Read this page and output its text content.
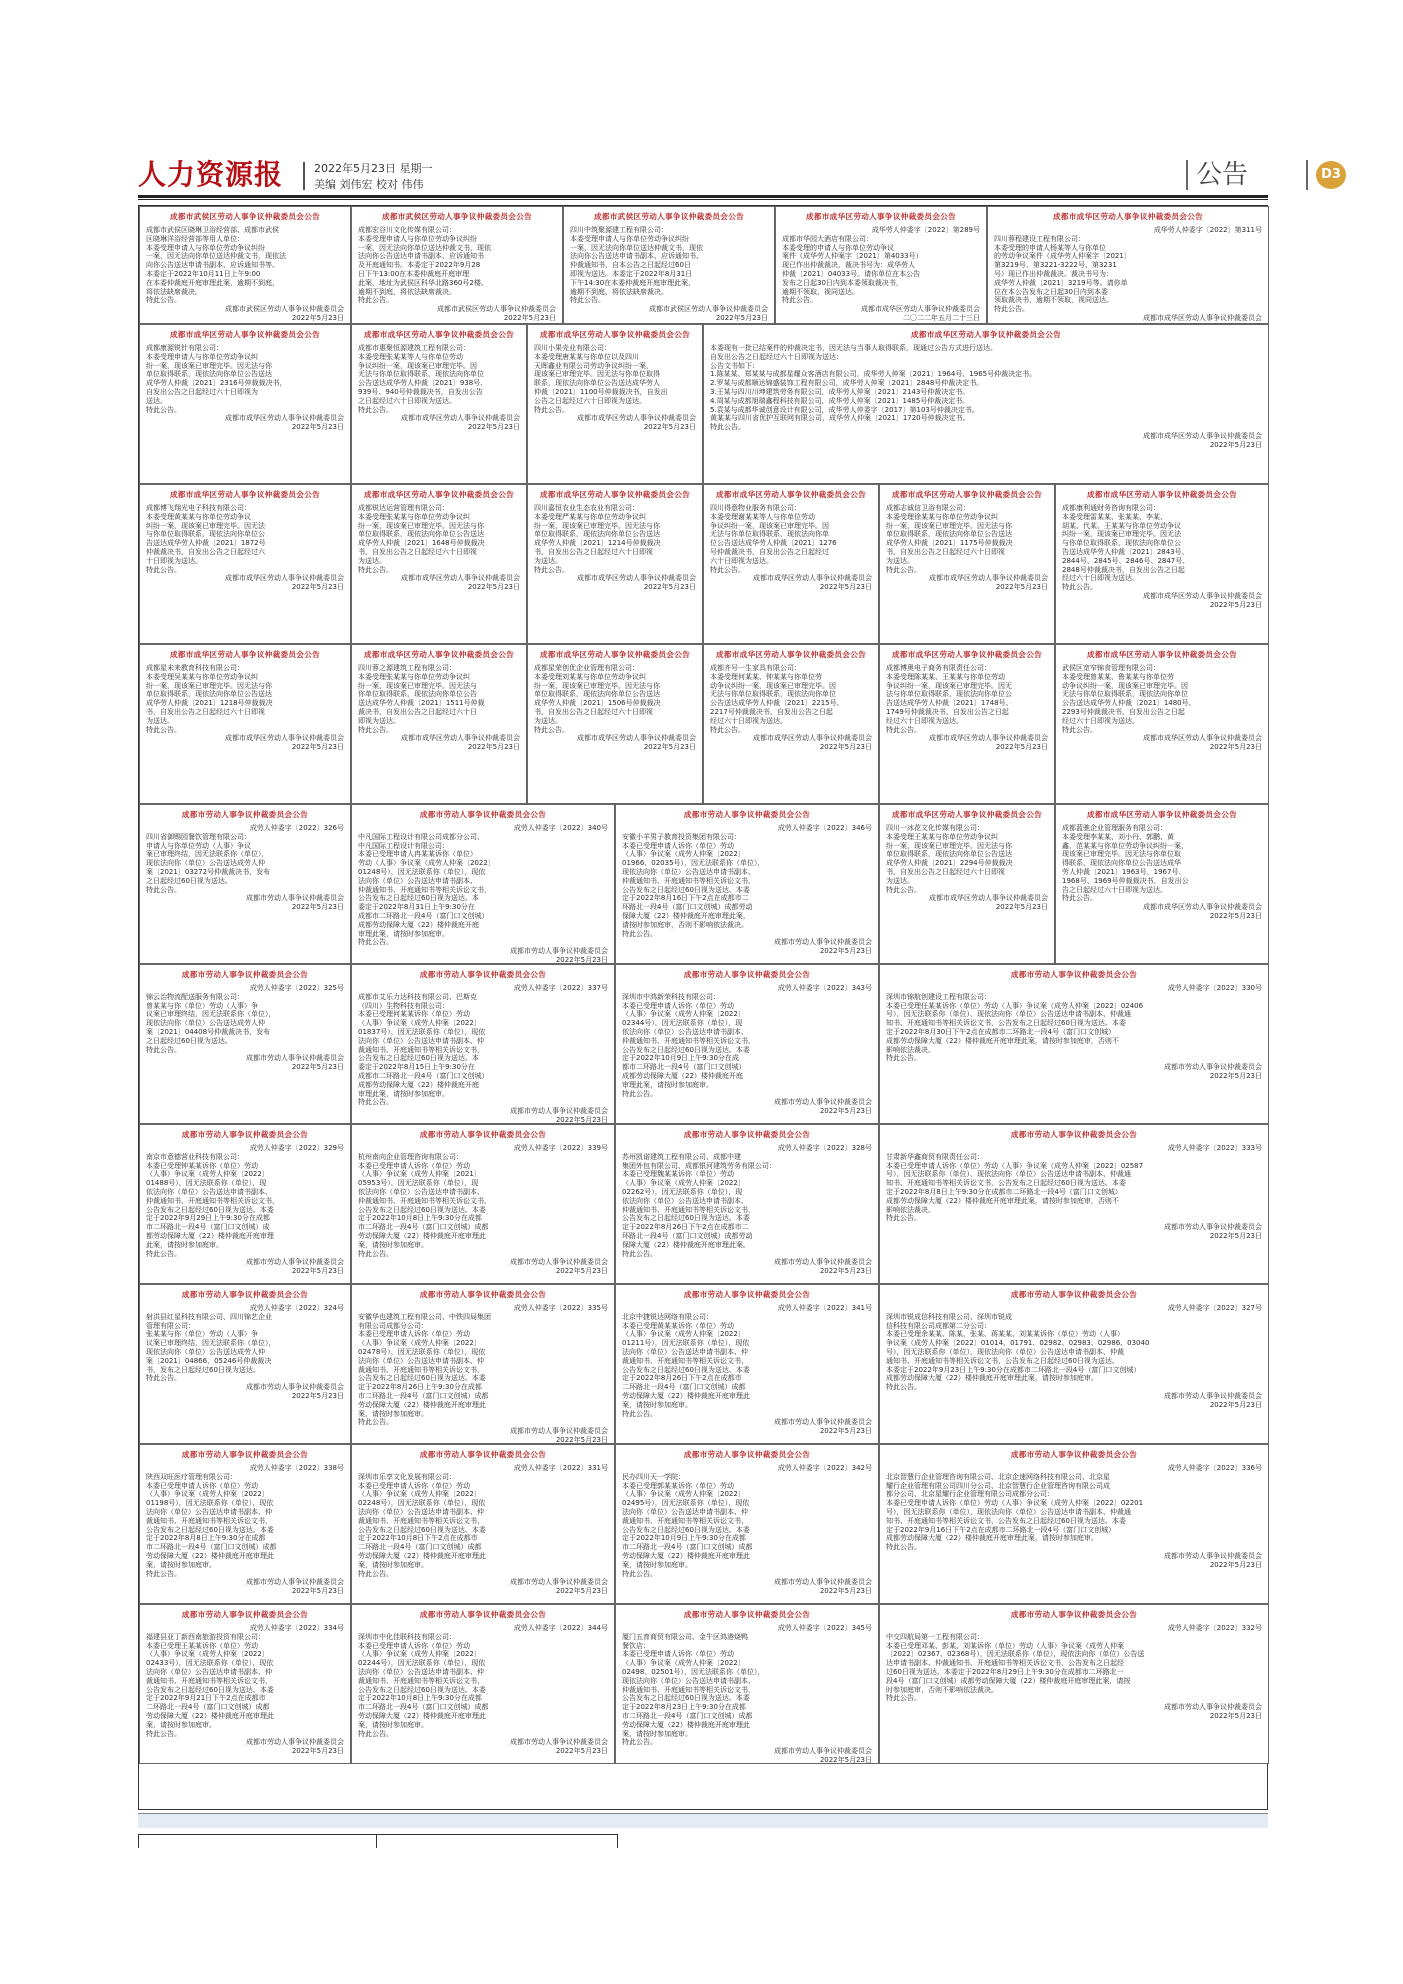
人力资源报	2022年5月23日 星期一
美编 刘伟宏 校对 伟伟	公告	D3
成都市武侯区劳动人事争议仲裁委员会公告
成都市武侯区晓琳卫浴经营部、成都市武侯
区晓琳洋浴经营部等用人单位：
本委受理申请人与你单位劳动争议纠纷
一案，因无法向你单位送达仲裁文书，现依法
向你公告送达申请书副本、应诉通知书等。
本委定于2022年10月11日上午9:00
在本委仲裁庭开庭审理此案，逾期不到庭，
将依法缺席裁决。
特此公告。
成都市武侯区劳动人事争议仲裁委员会
2022年5月23日
成都市武侯区劳动人事争议仲裁委员会公告
成都宏谷川文化传媒有限公司：
本委受理申请人与你单位劳动争议纠纷
一案，因无法向你单位送达仲裁文书，现依
法向你公告送达申请书副本、应诉通知书
及开庭通知书。本委定于2022年9月28
日下午13:00在本委仲裁庭开庭审理
此案，地址为武侯区科华北路360号2楼。
逾期不到庭，将依法缺席裁决。
特此公告。
成都市武侯区劳动人事争议仲裁委员会
2022年5月23日
成都市武侯区劳动人事争议仲裁委员会公告
四川中筑聚源建工程有限公司：
本委受理申请人与你单位劳动争议纠纷
一案，因无法向你单位送达仲裁文书，现依
法向你公告送达申请书副本、应诉通知书、
仲裁通知书，自本公告之日起经过60日
即视为送达。本委定于2022年8月31日
下午14:30在本委仲裁庭开庭审理此案，
逾期不到庭，将依法缺席裁决。
特此公告。
成都市武侯区劳动人事争议仲裁委员会
2022年5月23日
成都市成华区劳动人事争议仲裁委员会公告
成华劳人仲委字〔2022〕第289号
成都市华园大酒店有限公司：
本委受理的申请人与你单位劳动争议
案件（成华劳人仲案字〔2021〕第4033号）
现已作出仲裁裁决，裁决书号为：成华劳人
仲裁〔2021〕04033号。请你单位在本公告
发布之日起30日内到本委领取裁决书，
逾期不领取，视同送达。
特此公告。
成都市成华区劳动人事争议仲裁委员会
二〇二二年五月二十三日
成都市成华区劳动人事争议仲裁委员会公告
成华劳人仲委字〔2022〕第311号
四川蓉程建设工程有限公司：
本委受理的申请人杨某等人与你单位
的劳动争议案件（成华劳人仲案字〔2021〕
第3219号、第3221-3222号、第3231
号）现已作出仲裁裁决。裁决书号为：
成华劳人仲裁〔2021〕3219号等。请你单
位在本公告发布之日起30日内到本委
领取裁决书，逾期不领取，视同送达。
特此公告。
成都市成华区劳动人事争议仲裁委员会
成都市成华区劳动人事争议仲裁委员会公告
成都康源锐针有限公司：
本委受理申请人与你单位劳动争议纠
纷一案，现该案已审理完毕。因无法与你
单位取得联系，现依法向你单位公告送达
成华劳人仲裁〔2021〕2316号仲裁裁决书，
自发出公告之日起经过六十日即视为
送达。
特此公告。
成都市成华区劳动人事争议仲裁委员会
2022年5月23日
成都市成华区劳动人事争议仲裁委员会公告
成都市惠聚恒源建筑工程有限公司：
本委受理张某某等人与你单位劳动
争议纠纷一案，现该案已审理完毕。因
无法与你单位取得联系，现依法向你单位
公告送达成华劳人仲裁〔2021〕938号、
939号、940号仲裁裁决书，自发出公告
之日起经过六十日即视为送达。
特此公告。
成都市成华区劳动人事争议仲裁委员会
2022年5月23日
成都市成华区劳动人事争议仲裁委员会公告
四川小果壳业有限公司：
本委受理唐某某与你单位以及四川
天晖鑫业有限公司劳动争议纠纷一案，
现该案已审理完毕。因无法与你单位取得
联系，现依法向你单位公告送达成华劳人
仲裁〔2021〕1100号仲裁裁决书，自发出
公告之日起经过六十日即视为送达。
特此公告。
成都市成华区劳动人事争议仲裁委员会
2022年5月23日
成都市成华区劳动人事争议仲裁委员会公告
本委现有一批已结案件的仲裁决定书，因无法与当事人取得联系，现通过公告方式进行送达。
自发出公告之日起经过六十日即视为送达：
公告文书如下：
1.陈某某、郑某某与成都星耀众客酒店有限公司，成华劳人仲案〔2021〕1964号、1965号仲裁决定书。
2.罗某与成都顺达锦盛装饰工程有限公司，成华劳人仲案〔2021〕2848号仲裁决定书。
3.王某与四川川坤建筑劳务有限公司，成华劳人仲案〔2021〕2143号仲裁决定书。
4.周某与成都旭瑞鑫程科技有限公司，成华劳人仲案〔2021〕1485号仲裁决定书。
5.袁某与成都华诚创意设计有限公司，成华劳人仲委字〔2017〕第103号仲裁决定书。
黄某某与四川省优护互联网有限公司，成华劳人仲案〔2021〕1720号仲裁决定书。
特此公告。
成都市成华区劳动人事争议仲裁委员会
2022年5月23日
成都市成华区劳动人事争议仲裁委员会公告
成都博飞翔光电子科技有限公司：
本委受理黄某某与你单位劳动争议
纠纷一案，现该案已审理完毕。因无法
与你单位取得联系，现依法向你单位公
告送达成华劳人仲裁〔2021〕1872号
仲裁裁决书，自发出公告之日起经过六
十日即视为送达。
特此公告。
成都市成华区劳动人事争议仲裁委员会
2022年5月23日
成都市成华区劳动人事争议仲裁委员会公告
成都锐达运营管理有限公司：
本委受理张某某与你单位劳动争议纠
纷一案，现该案已审理完毕。因无法与你
单位取得联系，现依法向你单位公告送达
成华劳人仲裁〔2021〕1648号仲裁裁决
书，自发出公告之日起经过六十日即视
为送达。
特此公告。
成都市成华区劳动人事争议仲裁委员会
2022年5月23日
成都市成华区劳动人事争议仲裁委员会公告
四川嘉恒农业生态农业有限公司：
本委受理严某某与你单位劳动争议纠
纷一案，现该案已审理完毕。因无法与你
单位取得联系，现依法向你单位公告送达
成华劳人仲裁〔2021〕1214号仲裁裁决
书，自发出公告之日起经过六十日即视
为送达。
特此公告。
成都市成华区劳动人事争议仲裁委员会
2022年5月23日
成都市成华区劳动人事争议仲裁委员会公告
四川得意物业服务有限公司：
本委受理谢某某等人与你单位劳动
争议纠纷一案，现该案已审理完毕。因
无法与你单位取得联系，现依法向你单
位公告送达成华劳人仲裁〔2021〕1276
号仲裁裁决书，自发出公告之日起经过
六十日即视为送达。
特此公告。
成都市成华区劳动人事争议仲裁委员会
2022年5月23日
成都市成华区劳动人事争议仲裁委员会公告
成都志诚信卫浴有限公司：
本委受理徐某某与你单位劳动争议纠
纷一案，现该案已审理完毕。因无法与你
单位取得联系，现依法向你单位公告送达
成华劳人仲裁〔2021〕1175号仲裁裁决
书，自发出公告之日起经过六十日即视
为送达。
特此公告。
成都市成华区劳动人事争议仲裁委员会
2022年5月23日
成都市成华区劳动人事争议仲裁委员会公告
成都康利通财务咨询有限公司：
本委受理雷某某、张某某、李某、
胡某、代某、王某某与你单位劳动争议
纠纷一案，现该案已审理完毕。因无法
与你单位取得联系，现依法向你单位公
告送达成华劳人仲裁〔2021〕2843号、
2844号、2845号、2846号、2847号、
2848号仲裁裁决书，自发出公告之日起
经过六十日即视为送达。
特此公告。
成都市成华区劳动人事争议仲裁委员会
2022年5月23日
成都市成华区劳动人事争议仲裁委员会公告
成都星未来教育科技有限公司：
本委受理吴某某与你单位劳动争议纠
纷一案，现该案已审理完毕。因无法与你
单位取得联系，现依法向你单位公告送达
成华劳人仲裁〔2021〕1218号仲裁裁决
书，自发出公告之日起经过六十日即视
为送达。
特此公告。
成都市成华区劳动人事争议仲裁委员会
2022年5月23日
成都市成华区劳动人事争议仲裁委员会公告
四川蓉之源建筑工程有限公司：
本委受理张某某与你单位劳动争议纠
纷一案，现该案已审理完毕。因无法与
你单位取得联系，现依法向你单位公告
送达成华劳人仲裁〔2021〕1511号仲裁
裁决书，自发出公告之日起经过六十日
即视为送达。
特此公告。
成都市成华区劳动人事争议仲裁委员会
2022年5月23日
成都市成华区劳动人事争议仲裁委员会公告
成都星荣创优企业管理有限公司：
本委受理刘某某与你单位劳动争议纠
纷一案，现该案已审理完毕。因无法与你
单位取得联系，现依法向你单位公告送达
成华劳人仲裁〔2021〕1506号仲裁裁决
书，自发出公告之日起经过六十日即视
为送达。
特此公告。
成都市成华区劳动人事争议仲裁委员会
2022年5月23日
成都市成华区劳动人事争议仲裁委员会公告
成都齐号一生家具有限公司：
本委受理何某某、钟某某与你单位劳
动争议纠纷一案，现该案已审理完毕。因
无法与你单位取得联系，现依法向你单位
公告送达成华劳人仲裁〔2021〕2215号、
2217号仲裁裁决书，自发出公告之日起
经过六十日即视为送达。
特此公告。
成都市成华区劳动人事争议仲裁委员会
2022年5月23日
成都市成华区劳动人事争议仲裁委员会公告
成都博奥电子商务有限责任公司：
本委受理陈某某、王某某与你单位劳动
争议纠纷一案，现该案已审理完毕。因无
法与你单位取得联系，现依法向你单位公
告送达成华劳人仲裁〔2021〕1748号、
1749号仲裁裁决书，自发出公告之日起
经过六十日即视为送达。
特此公告。
成都市成华区劳动人事争议仲裁委员会
2022年5月23日
成都市成华区劳动人事争议仲裁委员会公告
武侯区宽窄锦食管理有限公司：
本委受理曾某某、鲁某某与你单位劳
动争议纠纷一案，现该案已审理完毕。因
无法与你单位取得联系，现依法向你单位
公告送达成华劳人仲裁〔2021〕1480号、
2293号仲裁裁决书，自发出公告之日起
经过六十日即视为送达。
特此公告。
成都市成华区劳动人事争议仲裁委员会
2022年5月23日
成都市劳动人事争议仲裁委员会公告
成劳人仲委字〔2022〕326号
四川省御赐园餐饮管理有限公司：
申请人与你单位劳动（人事）争议
案已审理终结，因无法联系你（单位），
现依法向你（单位）公告送达成劳人仲
案〔2021〕03272号仲裁裁决书，发布
之日起经过60日视为送达。
特此公告。
成都市劳动人事争议仲裁委员会
2022年5月23日
成都市劳动人事争议仲裁委员会公告
成劳人仲委字〔2022〕340号
中凡国际工程设计有限公司成都分公司、
中凡国际工程设计有限公司：
本委已受理申请人冉某某诉你（单位）
劳动（人事）争议案（成劳人仲案〔2022〕
01248号），因无法联系你（单位），现依
法向你（单位）公告送达申请书副本、
仲裁通知书、开庭通知书等相关诉讼文书，
公告发布之日起经过60日视为送达。本
委定于2022年8月31日上午9:30分在
成都市二环路北一段4号（富门口文创城）
成都劳动保障大厦（22）楼仲裁庭开庭
审理此案，请按时参加庭审。
特此公告。
成都市劳动人事争议仲裁委员会
2022年5月23日
成都市劳动人事争议仲裁委员会公告
成劳人仲委字〔2022〕346号
安徽小羊男子教育投资集团有限公司：
本委已受理申请人诉你（单位）劳动
（人事）争议案（成劳人仲案〔2022〕
01966、02035号），因无法联系你（单位），
现依法向你（单位）公告送达申请书副本、
仲裁通知书、开庭通知书等相关诉讼文书，
公告发布之日起经过60日视为送达。本委
定于2022年8月16日下午2点在成都市二
环路北一段4号（富门口文创城）成都劳动
保障大厦（22）楼仲裁庭开庭审理此案，
请按时参加庭审，否则不影响依法裁决。
特此公告。
成都市劳动人事争议仲裁委员会
2022年5月23日
成都市成华区劳动人事争议仲裁委员会公告
四川一冰花文化传媒有限公司：
本委受理王某某与你单位劳动争议纠
纷一案，现该案已审理完毕。因无法与你
单位取得联系，现依法向你单位公告送达
成华劳人仲裁〔2021〕2294号仲裁裁决
书，自发出公告之日起经过六十日即视
为送达。
特此公告。
成都市成华区劳动人事争议仲裁委员会
2022年5月23日
成都市成华区劳动人事争议仲裁委员会公告
成都蓝驰企业管理服务有限公司：
本委受理李某某、刘小丹、郭鹏、黄
鑫、范某某与你单位劳动争议纠纷一案，
现该案已审理完毕。因无法与你单位取
得联系，现依法向你单位公告送达成华
劳人仲裁〔2021〕1963号、1967号、
1968号、1969号仲裁裁决书，自发出公
告之日起经过六十日即视为送达。
特此公告。
成都市成华区劳动人事争议仲裁委员会
2022年5月23日
成都市劳动人事争议仲裁委员会公告
成劳人仲委字〔2022〕325号
锦云治物流配送服务有限公司：
曾某某与你（单位）劳动（人事）争
议案已审理终结，因无法联系你（单位），
现依法向你（单位）公告送达成劳人仲
案〔2021〕04408号仲裁裁决书，发布
之日起经过60日视为送达。
特此公告。
成都市劳动人事争议仲裁委员会
2022年5月23日
成都市劳动人事争议仲裁委员会公告
成劳人仲委字〔2022〕337号
成都市艾乐力达科技有限公司、巴斯克
（四川）生物科技有限公司：
本委已受理何某某诉你（单位）劳动
（人事）争议案（成劳人仲案〔2022〕
01837号），因无法联系你（单位），现依
法向你（单位）公告送达申请书副本、仲
裁通知书、开庭通知书等相关诉讼文书，
公告发布之日起经过60日视为送达。本
委定于2022年8月15日上午9:30分在
成都市二环路北一段4号（富门口文创城）
成都劳动保障大厦（22）楼仲裁庭开庭
审理此案，请按时参加庭审。
特此公告。
成都市劳动人事争议仲裁委员会
2022年5月23日
成都市劳动人事争议仲裁委员会公告
成劳人仲委字〔2022〕343号
深圳市中鸿新荣科技有限公司：
本委已受理申请人诉你（单位）劳动
（人事）争议案（成劳人仲案〔2022〕
02344号），因无法联系你（单位），现
依法向你（单位）公告送达申请书副本、
仲裁通知书、开庭通知书等相关诉讼文书，
公告发布之日起经过60日视为送达。本委
定于2022年10月9日上午9:30分在成
都市二环路北一段4号（富门口文创城）
成都劳动保障大厦（22）楼仲裁庭开庭
审理此案，请按时参加庭审。
特此公告。
成都市劳动人事争议仲裁委员会
2022年5月23日
成都市劳动人事争议仲裁委员会公告
成劳人仲委字〔2022〕330号
深圳市锦航创建设工程有限公司：
本委已受理任某某诉你（单位）劳动（人事）争议案（成劳人仲案〔2022〕02406
号），因无法联系你（单位），现依法向你（单位）公告送达申请书副本、仲裁通
知书、开庭通知书等相关诉讼文书，公告发布之日起经过60日视为送达。本委
定于2022年8月30日下午2点在成都市二环路北一段4号（富门口文创城）
成都劳动保障大厦（22）楼仲裁庭开庭审理此案，请按时参加庭审，否则不
影响依法裁决。
特此公告。
成都市劳动人事争议仲裁委员会
2022年5月23日
成都市劳动人事争议仲裁委员会公告
成劳人仲委字〔2022〕329号
南京市意德营业科技有限公司：
本委已受理钟某某诉你（单位）劳动
（人事）争议案（成劳人仲案〔2022〕
01488号），因无法联系你（单位），现
依法向你（单位）公告送达申请书副本、
仲裁通知书、开庭通知书等相关诉讼文书，
公告发布之日起经过60日视为送达。本委
定于2022年9月29日上午9:30分在成都
市二环路北一段4号（富门口文创城）成
都劳动保障大厦（22）楼仲裁庭开庭审理
此案，请按时参加庭审。
特此公告。
成都市劳动人事争议仲裁委员会
2022年5月23日
成都市劳动人事争议仲裁委员会公告
成劳人仲委字〔2022〕339号
杭州南向企业管理咨询有限公司：
本委已受理申请人诉你（单位）劳动
（人事）争议案（成劳人仲案〔2021〕
05953号），因无法联系你（单位），现
依法向你（单位）公告送达申请书副本、
仲裁通知书、开庭通知书等相关诉讼文书，
公告发布之日起经过60日视为送达。本委
定于2022年10月8日上午9:30分在成都
市二环路北一段4号（富门口文创城）成都
劳动保障大厦（22）楼仲裁庭开庭审理此
案，请按时参加庭审。
特此公告。
成都市劳动人事争议仲裁委员会
2022年5月23日
成都市劳动人事争议仲裁委员会公告
成劳人仲委字〔2022〕328号
苏州凯诺建筑工程有限公司、成都中建
集团外包有限公司、成都银河建筑劳务有限公司：
本委已受理魏某某诉你（单位）劳动
（人事）争议案（成劳人仲案〔2022〕
02262号），因无法联系你（单位），现
依法向你（单位）公告送达申请书副本、
仲裁通知书、开庭通知书等相关诉讼文书，
公告发布之日起经过60日视为送达。本委
定于2022年8月26日下午2点在成都市二
环路北一段4号（富门口文创城）成都劳动
保障大厦（22）楼仲裁庭开庭审理此案。
特此公告。
成都市劳动人事争议仲裁委员会
2022年5月23日
成都市劳动人事争议仲裁委员会公告
成劳人仲委字〔2022〕333号
甘肃新华鑫商贸有限责任公司：
本委已受理申请人诉你（单位）劳动（人事）争议案（成劳人仲案〔2022〕02587
号），因无法联系你（单位），现依法向你（单位）公告送达申请书副本、仲裁通
知书、开庭通知书等相关诉讼文书，公告发布之日起经过60日视为送达。本委
定于2022年8月8日上午9:30分在成都市二环路北一段4号（富门口文创城）
成都劳动保障大厦（22）楼仲裁庭开庭审理此案，请按时参加庭审，否则不
影响依法裁决。
特此公告。
成都市劳动人事争议仲裁委员会
2022年5月23日
成都市劳动人事争议仲裁委员会公告
成劳人仲委字〔2022〕324号
射洪县红星科技有限公司、四川锦艺企业
管理有限公司：
张某某与你（单位）劳动（人事）争
议案已审理终结，因无法联系你（单位），
现依法向你（单位）公告送达成劳人仲
案〔2021〕04866、05246号仲裁裁决
书，发布之日起经过60日视为送达。
特此公告。
成都市劳动人事争议仲裁委员会
2022年5月23日
成都市劳动人事争议仲裁委员会公告
成劳人仲委字〔2022〕335号
安徽华也建筑工程有限公司、中铁四局集团
有限公司成都分公司：
本委已受理申请人诉你（单位）劳动
（人事）争议案（成劳人仲案〔2022〕
02478号），因无法联系你（单位），现依
法向你（单位）公告送达申请书副本、仲
裁通知书、开庭通知书等相关诉讼文书，
公告发布之日起经过60日视为送达。本委
定于2022年8月26日上午9:30分在成都
市二环路北一段4号（富门口文创城）成都
劳动保障大厦（22）楼仲裁庭开庭审理此
案，请按时参加庭审。
特此公告。
成都市劳动人事争议仲裁委员会
2022年5月23日
成都市劳动人事争议仲裁委员会公告
成劳人仲委字〔2022〕341号
北京中捷锐达网络有限公司：
本委已受理黄某某诉你（单位）劳动
（人事）争议案（成劳人仲案〔2022〕
01211号），因无法联系你（单位），现依
法向你（单位）公告送达申请书副本、仲
裁通知书、开庭通知书等相关诉讼文书，
公告发布之日起经过60日视为送达。本委
定于2022年8月26日下午2点在成都市
二环路北一段4号（富门口文创城）成都
劳动保障大厦（22）楼仲裁庭开庭审理此
案，请按时参加庭审。
特此公告。
成都市劳动人事争议仲裁委员会
2022年5月23日
成都市劳动人事争议仲裁委员会公告
成劳人仲委字〔2022〕327号
深圳市锐成信科技有限公司、深圳市锐成
信科技有限公司成都第二分公司：
本委已受理余某某、陈某、张某、蒋某某、刘某某诉你（单位）劳动（人事）
争议案（成劳人仲案〔2022〕01014、01791、02982、02983、02986、03040
号），因无法联系你（单位），现依法向你（单位）公告送达申请书副本、仲裁
通知书、开庭通知书等相关诉讼文书，公告发布之日起经过60日视为送达。
本委定于2022年9月23日上午9:30分在成都市二环路北一段4号（富门口文创城）
成都劳动保障大厦（22）楼仲裁庭开庭审理此案，请按时参加庭审。
特此公告。
成都市劳动人事争议仲裁委员会
2022年5月23日
成都市劳动人事争议仲裁委员会公告
成劳人仲委字〔2022〕338号
陕西双旺医疗管理有限公司：
本委已受理申请人诉你（单位）劳动
（人事）争议案（成劳人仲案〔2022〕
01198号），因无法联系你（单位），现依
法向你（单位）公告送达申请书副本、仲
裁通知书、开庭通知书等相关诉讼文书，
公告发布之日起经过60日视为送达。本委
定于2022年8月8日上午9:30分在成都
市二环路北一段4号（富门口文创城）成都
劳动保障大厦（22）楼仲裁庭开庭审理此
案，请按时参加庭审。
特此公告。
成都市劳动人事争议仲裁委员会
2022年5月23日
成都市劳动人事争议仲裁委员会公告
成劳人仲委字〔2022〕331号
深圳市乐享文化发展有限公司：
本委已受理申请人诉你（单位）劳动
（人事）争议案（成劳人仲案〔2022〕
02248号），因无法联系你（单位），现依
法向你（单位）公告送达申请书副本、仲
裁通知书、开庭通知书等相关诉讼文书，
公告发布之日起经过60日视为送达。本委
定于2022年10月8日下午2点在成都市
二环路北一段4号（富门口文创城）成都
劳动保障大厦（22）楼仲裁庭开庭审理此
案，请按时参加庭审。
特此公告。
成都市劳动人事争议仲裁委员会
2022年5月23日
成都市劳动人事争议仲裁委员会公告
成劳人仲委字〔2022〕342号
民办四川天一学院：
本委已受理郭某某诉你（单位）劳动
（人事）争议案（成劳人仲案〔2022〕
02495号），因无法联系你（单位），现依
法向你（单位）公告送达申请书副本、仲
裁通知书、开庭通知书等相关诉讼文书，
公告发布之日起经过60日视为送达。本委
定于2022年10月9日上午9:30分在成都
市二环路北一段4号（富门口文创城）成都
劳动保障大厦（22）楼仲裁庭开庭审理此
案，请按时参加庭审。
特此公告。
成都市劳动人事争议仲裁委员会
2022年5月23日
成都市劳动人事争议仲裁委员会公告
成劳人仲委字〔2022〕336号
北京智慧行企业管理咨询有限公司、北京企速网络科技有限公司、北京星
耀行企业管理有限公司四川分公司、北京智慧行企业管理咨询有限公司成
都分公司、北京星耀行企业管理有限公司成都分公司：
本委已受理申请人诉你（单位）劳动（人事）争议案（成劳人仲案〔2022〕02201
号），因无法联系你（单位），现依法向你（单位）公告送达申请书副本、仲裁通
知书、开庭通知书等相关诉讼文书，公告发布之日起经过60日视为送达。本委
定于2022年9月16日下午2点在成都市二环路北一段4号（富门口文创城）
成都劳动保障大厦（22）楼仲裁庭开庭审理此案，请按时参加庭审。
特此公告。
成都市劳动人事争议仲裁委员会
2022年5月23日
成都市劳动人事争议仲裁委员会公告
成劳人仲委字〔2022〕334号
福建县亚丁新西南旅游投资有限公司：
本委已受理王某某诉你（单位）劳动
（人事）争议案（成劳人仲案〔2022〕
02433号），因无法联系你（单位），现依
法向你（单位）公告送达申请书副本、仲
裁通知书、开庭通知书等相关诉讼文书，
公告发布之日起经过60日视为送达。本委
定于2022年9月21日下午2点在成都市
二环路北一段4号（富门口文创城）成都
劳动保障大厦（22）楼仲裁庭开庭审理此
案，请按时参加庭审。
特此公告。
成都市劳动人事争议仲裁委员会
2022年5月23日
成都市劳动人事争议仲裁委员会公告
成劳人仲委字〔2022〕344号
深圳市中化佳联科技有限公司：
本委已受理申请人诉你（单位）劳动
（人事）争议案（成劳人仲案〔2022〕
02244号），因无法联系你（单位），现依
法向你（单位）公告送达申请书副本、仲
裁通知书、开庭通知书等相关诉讼文书，
公告发布之日起经过60日视为送达。本委
定于2022年10月8日上午9:30分在成都
市二环路北一段4号（富门口文创城）成都
劳动保障大厦（22）楼仲裁庭开庭审理此
案，请按时参加庭审。
特此公告。
成都市劳动人事争议仲裁委员会
2022年5月23日
成都市劳动人事争议仲裁委员会公告
成劳人仲委字〔2022〕345号
厦门五育商贸有限公司、金牛区鸿港烧鸭
餐饮店：
本委已受理申请人诉你（单位）劳动
（人事）争议案（成劳人仲案〔2022〕
02498、02501号），因无法联系你（单位），
现依法向你（单位）公告送达申请书副本、
仲裁通知书、开庭通知书等相关诉讼文书，
公告发布之日起经过60日视为送达。本委
定于2022年8月23日上午9:30分在成都
市二环路北一段4号（富门口文创城）成都
劳动保障大厦（22）楼仲裁庭开庭审理此
案，请按时参加庭审。
特此公告。
成都市劳动人事争议仲裁委员会
2022年5月23日
成都市劳动人事争议仲裁委员会公告
成劳人仲委字〔2022〕332号
中交四航局第一工程有限公司：
本委已受理邓某、彭某、刘某诉你（单位）劳动（人事）争议案（成劳人仲案
〔2022〕02367、02368号），因无法联系你（单位），现依法向你（单位）公告送
达申请书副本、仲裁通知书、开庭通知书等相关诉讼文书，公告发布之日起经
过60日视为送达。本委定于2022年8月29日上午9:30分在成都市二环路北一
段4号（富门口文创城）成都劳动保障大厦（22）楼仲裁庭开庭审理此案，请按
时参加庭审，否则不影响依法裁决。
特此公告。
成都市劳动人事争议仲裁委员会
2022年5月23日
